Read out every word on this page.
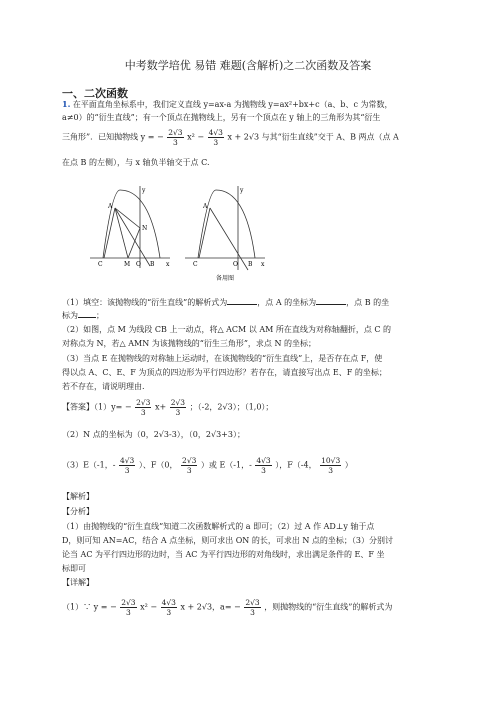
中考数学培优 易错 难题(含解析)之二次函数及答案
一、二次函数
1. 在平面直角坐标系中，我们定义直线 y=ax-a 为抛物线 y=ax²+bx+c（a、b、c 为常数，
a≠0）的“衍生直线”；有一个顶点在抛物线上，另有一个顶点在 y 轴上的三角形为其“衍生
三角形”．已知抛物线 y = − $\frac{2√3}{3} x^2 - \frac{4√3}{3}$ x + 2√3 与其“衍生直线”交于 A、B 两点（点 A
在点 B 的左侧），与 x 轴负半轴交于点 C.
y
x
A
B
C	M O
N
y
x
A
B
C	O
备用图
（1）填空：该抛物线的“衍生直线”的解析式为	，点 A 的坐标为	，点 B 的坐
标为 ；
（2）如图，点 M 为线段 CB 上一动点，将△ ACM 以 AM 所在直线为对称轴翻折，点 C 的
对称点为 N，若△ AMN 为该抛物线的“衍生三角形”，求点 N 的坐标；
（3）当点 E 在抛物线的对称轴上运动时，在该抛物线的“衍生直线”上，是否存在点 F，使
得以点 A、C、E、F 为顶点的四边形为平行四边形？若存在，请直接写出点 E、F 的坐标；
若不存在，请说明理由.
【答案】$(1)y= - \frac{2√3}{3} x+ \frac{2√3}{3}$ ；（-2，2√3）；（1,0）；
（2）N 点的坐标为（0，2√3-3），（0，2√3+3）；
（3）E（-1，- $\frac{4√3}{3}$ ）、F（0， $\frac{2√3}{3}$ ）或 E（-1，- $\frac{4√3}{3}$ ），F（-4， $\frac{10√3}{3}$ ）
【解析】
【分析】
（1）由抛物线的“衍生直线”知道二次函数解析式的 a 即可；（2）过 A 作 AD⊥y 轴于点
D，则可知 AN=AC，结合 A 点坐标，则可求出 ON 的长，可求出 N 点的坐标；（3）分别讨
论当 AC 为平行四边形的边时，当 AC 为平行四边形的对角线时，求出满足条件的 E、F 坐
标即可
【详解】
（1）∵ y = − $\frac{2√3}{3} x^2 - \frac{4√3}{3}$ x + 2√3，$a= - \frac{2√3}{3}$ ，则抛物线的“衍生直线”的解析式为
